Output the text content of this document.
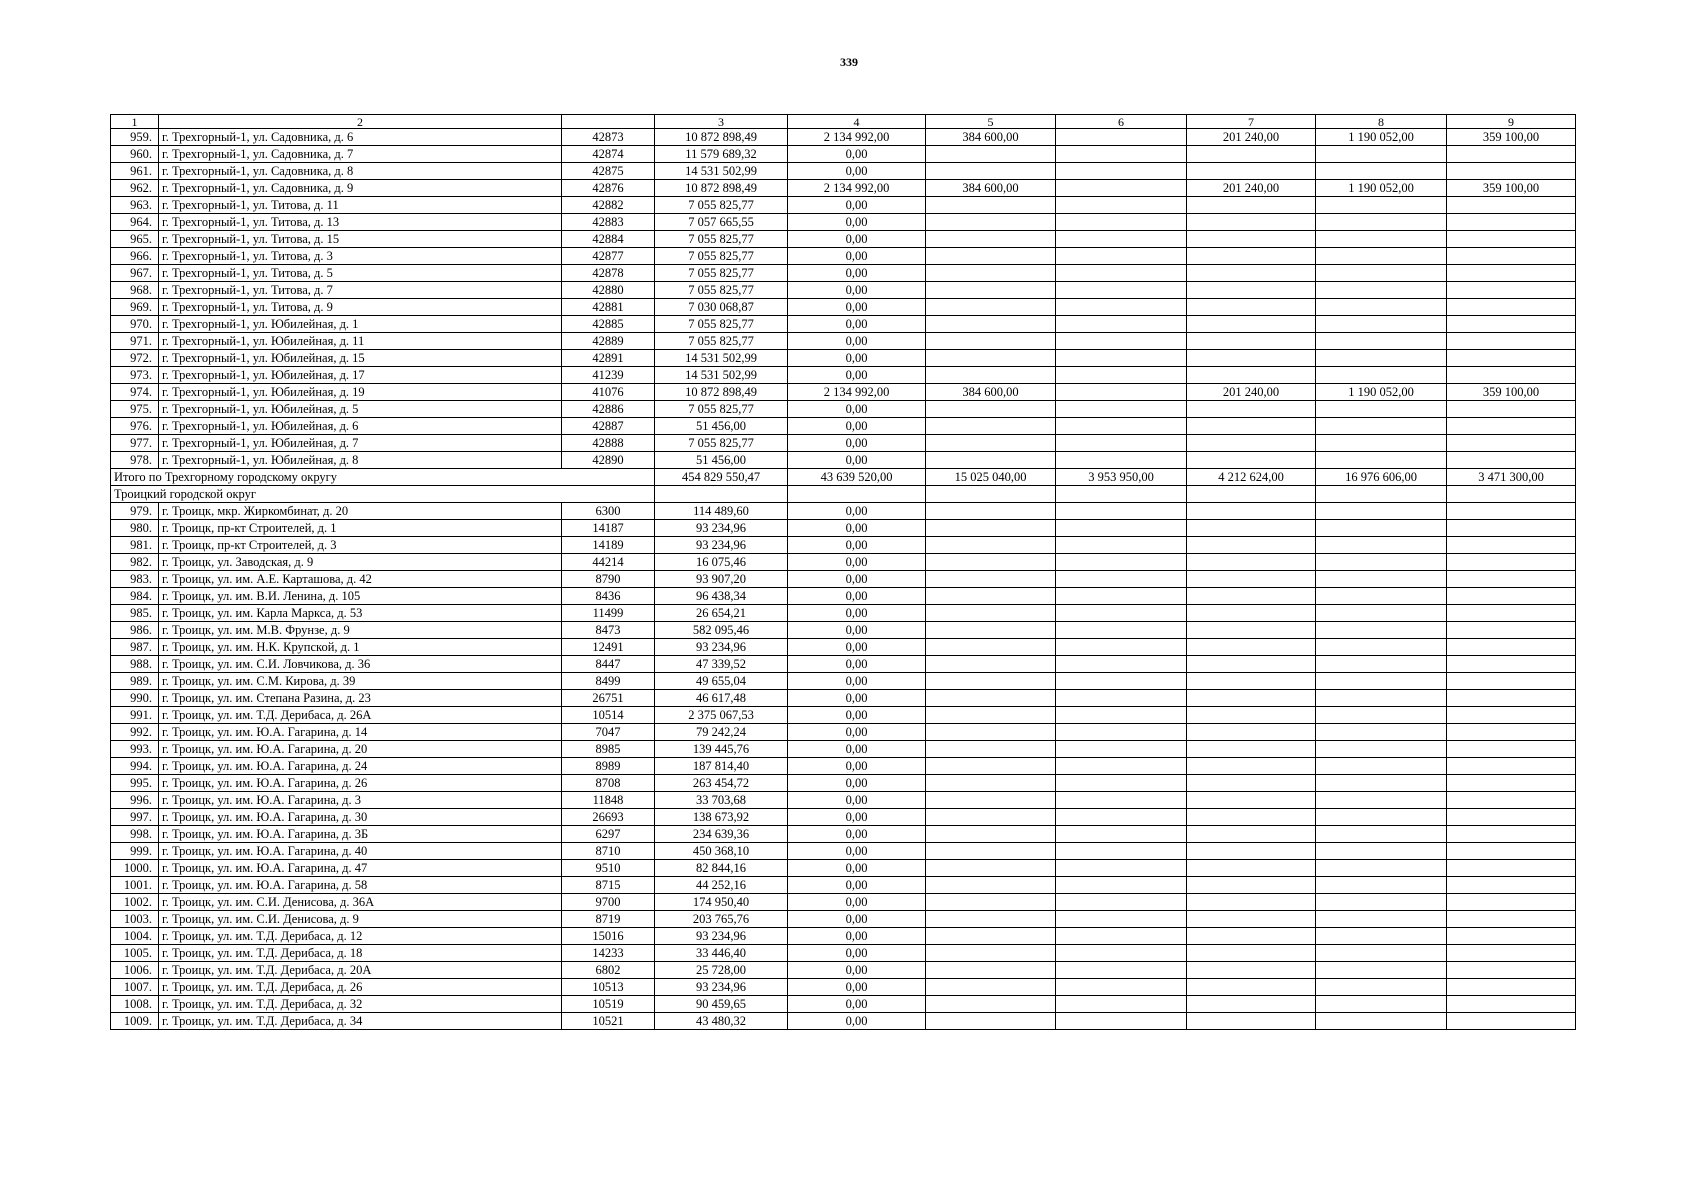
339
1	2		3	4	5	6	7	8	9
959.	г. Трехгорный-1, ул. Садовника, д. 6	42873	10 872 898,49	2 134 992,00	384 600,00		201 240,00	1 190 052,00	359 100,00
960.	г. Трехгорный-1, ул. Садовника, д. 7	42874	11 579 689,32	0,00					
961.	г. Трехгорный-1, ул. Садовника, д. 8	42875	14 531 502,99	0,00					
962.	г. Трехгорный-1, ул. Садовника, д. 9	42876	10 872 898,49	2 134 992,00	384 600,00		201 240,00	1 190 052,00	359 100,00
963.	г. Трехгорный-1, ул. Титова, д. 11	42882	7 055 825,77	0,00					
964.	г. Трехгорный-1, ул. Титова, д. 13	42883	7 057 665,55	0,00					
965.	г. Трехгорный-1, ул. Титова, д. 15	42884	7 055 825,77	0,00					
966.	г. Трехгорный-1, ул. Титова, д. 3	42877	7 055 825,77	0,00					
967.	г. Трехгорный-1, ул. Титова, д. 5	42878	7 055 825,77	0,00					
968.	г. Трехгорный-1, ул. Титова, д. 7	42880	7 055 825,77	0,00					
969.	г. Трехгорный-1, ул. Титова, д. 9	42881	7 030 068,87	0,00					
970.	г. Трехгорный-1, ул. Юбилейная, д. 1	42885	7 055 825,77	0,00					
971.	г. Трехгорный-1, ул. Юбилейная, д. 11	42889	7 055 825,77	0,00					
972.	г. Трехгорный-1, ул. Юбилейная, д. 15	42891	14 531 502,99	0,00					
973.	г. Трехгорный-1, ул. Юбилейная, д. 17	41239	14 531 502,99	0,00					
974.	г. Трехгорный-1, ул. Юбилейная, д. 19	41076	10 872 898,49	2 134 992,00	384 600,00		201 240,00	1 190 052,00	359 100,00
975.	г. Трехгорный-1, ул. Юбилейная, д. 5	42886	7 055 825,77	0,00					
976.	г. Трехгорный-1, ул. Юбилейная, д. 6	42887	51 456,00	0,00					
977.	г. Трехгорный-1, ул. Юбилейная, д. 7	42888	7 055 825,77	0,00					
978.	г. Трехгорный-1, ул. Юбилейная, д. 8	42890	51 456,00	0,00					
Итого по Трехгорному городскому округу			454 829 550,47	43 639 520,00	15 025 040,00	3 953 950,00	4 212 624,00	16 976 606,00	3 471 300,00
Троицкий городской округ									
979.	г. Троицк, мкр. Жиркомбинат, д. 20	6300	114 489,60	0,00					
980.	г. Троицк, пр-кт Строителей, д. 1	14187	93 234,96	0,00					
981.	г. Троицк, пр-кт Строителей, д. 3	14189	93 234,96	0,00					
982.	г. Троицк, ул. Заводская, д. 9	44214	16 075,46	0,00					
983.	г. Троицк, ул. им. А.Е. Карташова, д. 42	8790	93 907,20	0,00					
984.	г. Троицк, ул. им. В.И. Ленина, д. 105	8436	96 438,34	0,00					
985.	г. Троицк, ул. им. Карла Маркса, д. 53	11499	26 654,21	0,00					
986.	г. Троицк, ул. им. М.В. Фрунзе, д. 9	8473	582 095,46	0,00					
987.	г. Троицк, ул. им. Н.К. Крупской, д. 1	12491	93 234,96	0,00					
988.	г. Троицк, ул. им. С.И. Ловчикова, д. 36	8447	47 339,52	0,00					
989.	г. Троицк, ул. им. С.М. Кирова, д. 39	8499	49 655,04	0,00					
990.	г. Троицк, ул. им. Степана Разина, д. 23	26751	46 617,48	0,00					
991.	г. Троицк, ул. им. Т.Д. Дерибаса, д. 26А	10514	2 375 067,53	0,00					
992.	г. Троицк, ул. им. Ю.А. Гагарина, д. 14	7047	79 242,24	0,00					
993.	г. Троицк, ул. им. Ю.А. Гагарина, д. 20	8985	139 445,76	0,00					
994.	г. Троицк, ул. им. Ю.А. Гагарина, д. 24	8989	187 814,40	0,00					
995.	г. Троицк, ул. им. Ю.А. Гагарина, д. 26	8708	263 454,72	0,00					
996.	г. Троицк, ул. им. Ю.А. Гагарина, д. 3	11848	33 703,68	0,00					
997.	г. Троицк, ул. им. Ю.А. Гагарина, д. 30	26693	138 673,92	0,00					
998.	г. Троицк, ул. им. Ю.А. Гагарина, д. 3Б	6297	234 639,36	0,00					
999.	г. Троицк, ул. им. Ю.А. Гагарина, д. 40	8710	450 368,10	0,00					
1000.	г. Троицк, ул. им. Ю.А. Гагарина, д. 47	9510	82 844,16	0,00					
1001.	г. Троицк, ул. им. Ю.А. Гагарина, д. 58	8715	44 252,16	0,00					
1002.	г. Троицк, ул. им. С.И. Денисова, д. 36А	9700	174 950,40	0,00					
1003.	г. Троицк, ул. им. С.И. Денисова, д. 9	8719	203 765,76	0,00					
1004.	г. Троицк, ул. им. Т.Д. Дерибаса, д. 12	15016	93 234,96	0,00					
1005.	г. Троицк, ул. им. Т.Д. Дерибаса, д. 18	14233	33 446,40	0,00					
1006.	г. Троицк, ул. им. Т.Д. Дерибаса, д. 20А	6802	25 728,00	0,00					
1007.	г. Троицк, ул. им. Т.Д. Дерибаса, д. 26	10513	93 234,96	0,00					
1008.	г. Троицк, ул. им. Т.Д. Дерибаса, д. 32	10519	90 459,65	0,00					
1009.	г. Троицк, ул. им. Т.Д. Дерибаса, д. 34	10521	43 480,32	0,00					
